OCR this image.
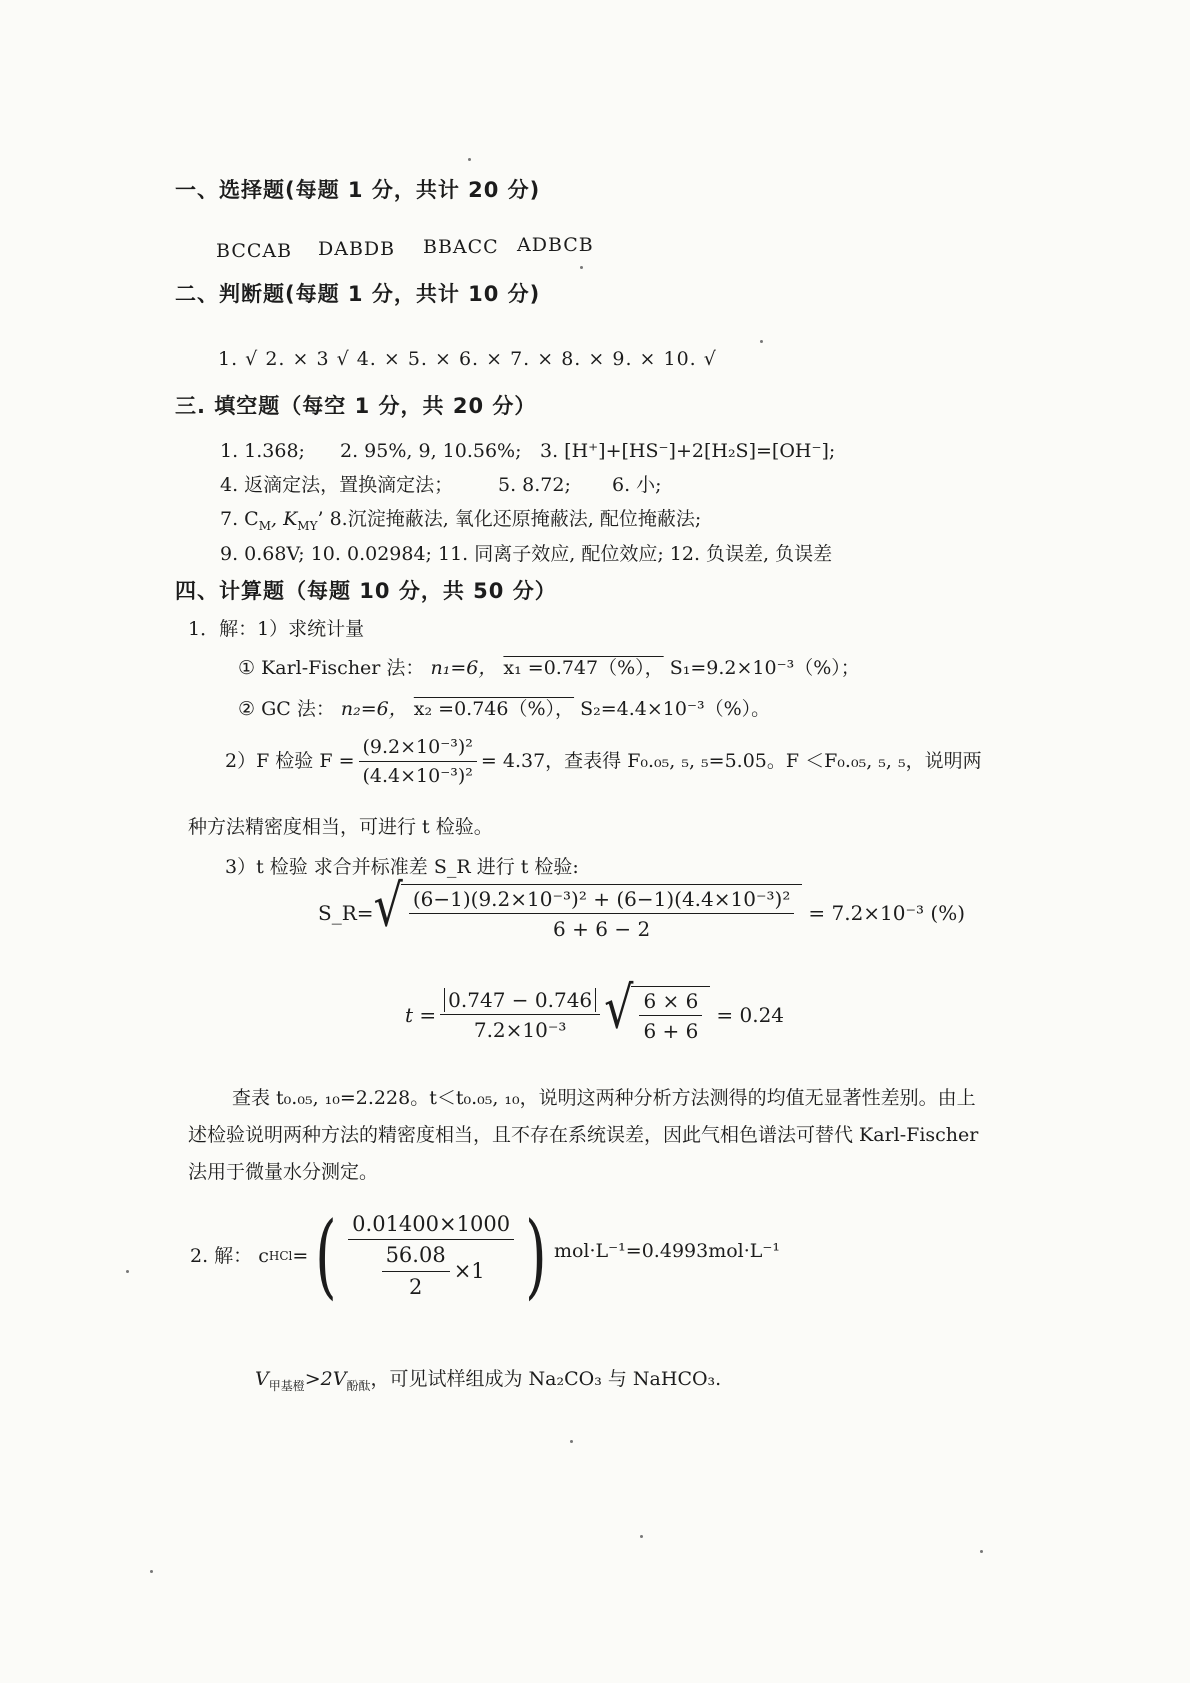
一、选择题(每题 1 分，共计 20 分)
BCCAB DABDB BBACC ADBCB
二、判断题(每题 1 分，共计 10 分)
1. √ 2. × 3 √ 4. × 5. × 6. × 7. × 8. × 9. × 10. √
三. 填空题（每空 1 分，共 20 分）
1. 1.368; 2. 95%, 9, 10.56%; 3. [H⁺]+[HS⁻]+2[H₂S]=[OH⁻];
4. 返滴定法，置换滴定法； 5. 8.72; 6. 小;
7. $C_M$, $K_{MY}$’ 8.沉淀掩蔽法, 氧化还原掩蔽法, 配位掩蔽法;
9. 0.68V; 10. 0.02984; 11. 同离子效应, 配位效应; 12. 负误差, 负误差
四、计算题（每题 10 分，共 50 分）
1．解：1）求统计量
① Karl-Fischer 法： n₁=6， x₁ =0.747（%）， S₁=9.2×10⁻³（%）；
② GC 法： n₂=6， x₂ =0.746（%）， S₂=4.4×10⁻³（%）。
2）F 检验 $F = \frac{\text{(9.2×10⁻³)²}}{\text{(4.4×10⁻³)²}} = 4.37$，查表得 F₀.₀₅, ₅, ₅=5.05。F ＜F₀.₀₅, ₅, ₅，说明两
种方法精密度相当，可进行 t 检验。
3）t 检验 求合并标准差 S_R 进行 t 检验:
S_R= √ $\frac{\text{(6−1)(9.2×10⁻³)² + (6−1)(4.4×10⁻³)²}}{6 + 6 - 2} = 7.2\times 10^{-3}$ (%)
$t = \frac{0.747 - 0.746}{\text{7.2×10⁻³}}$ √ $\frac{6 \times 6}{6 + 6} = 0.24$
查表 t₀.₀₅, ₁₀=2.228。t＜t₀.₀₅, ₁₀，说明这两种分析方法测得的均值无显著性差别。由上
述检验说明两种方法的精密度相当，且不存在系统误差，因此气相色谱法可替代 Karl-Fischer
法用于微量水分测定。
2. 解： c HCl = ( $\frac{0.01400\times 1000}{\frac{56.08}{2} \times 1}$ ) mol·L⁻¹=0.4993mol·L⁻¹
$V_{甲基橙}>2V_{酚酞}$，可见试样组成为 Na₂CO₃ 与 NaHCO₃.
